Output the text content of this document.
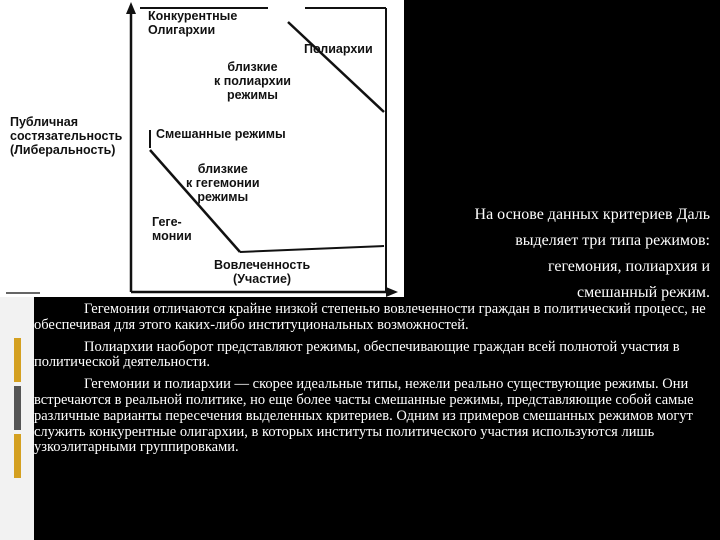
Конкурентные
Олигархии
Полиархии
близкие
к полиархии
режимы
Публичная
состязательность
(Либеральность)
Смешанные режимы
близкие
к гегемонии
режимы
Геге-
монии
Вовлеченность
(Участие)
На основе данных критериев Даль
выделяет три типа режимов:
гегемония, полиархия и
смешанный режим.

Гегемонии отличаются крайне низкой степенью вовлеченности граждан в политический процесс, не обеспечивая для этого каких-либо институциональных возможностей.

Полиархии наоборот представляют режимы, обеспечивающие граждан всей полнотой участия в политической деятельности.

Гегемонии и полиархии — скорее идеальные типы, нежели реально существующие режимы. Они встречаются в реальной политике, но еще более часты смешанные режимы, представляющие собой самые различные варианты пересечения выделенных критериев. Одним из примеров смешанных режимов могут служить конкурентные олигархии, в которых институты политического участия используются лишь узкоэлитарными группировками.
